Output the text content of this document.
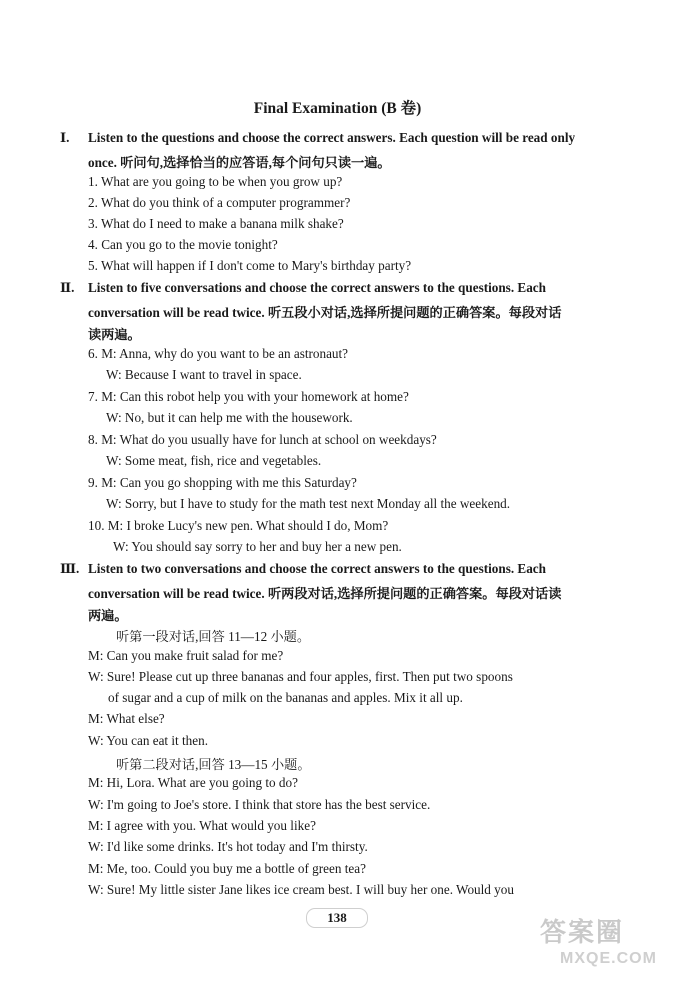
Final Examination (B 卷)
Ⅰ. Listen to the questions and choose the correct answers. Each question will be read only
once. 听问句,选择恰当的应答语,每个问句只读一遍。
1. What are you going to be when you grow up?
2. What do you think of a computer programmer?
3. What do I need to make a banana milk shake?
4. Can you go to the movie tonight?
5. What will happen if I don't come to Mary's birthday party?
Ⅱ. Listen to five conversations and choose the correct answers to the questions. Each
conversation will be read twice. 听五段小对话,选择所提问题的正确答案。每段对话
读两遍。
6. M: Anna, why do you want to be an astronaut?
W: Because I want to travel in space.
7. M: Can this robot help you with your homework at home?
W: No, but it can help me with the housework.
8. M: What do you usually have for lunch at school on weekdays?
W: Some meat, fish, rice and vegetables.
9. M: Can you go shopping with me this Saturday?
W: Sorry, but I have to study for the math test next Monday all the weekend.
10. M: I broke Lucy's new pen. What should I do, Mom?
W: You should say sorry to her and buy her a new pen.
Ⅲ. Listen to two conversations and choose the correct answers to the questions. Each
conversation will be read twice. 听两段对话,选择所提问题的正确答案。每段对话读
两遍。
听第一段对话,回答 11—12 小题。
M: Can you make fruit salad for me?
W: Sure! Please cut up three bananas and four apples, first. Then put two spoons
of sugar and a cup of milk on the bananas and apples. Mix it all up.
M: What else?
W: You can eat it then.
听第二段对话,回答 13—15 小题。
M: Hi, Lora. What are you going to do?
W: I'm going to Joe's store. I think that store has the best service.
M: I agree with you. What would you like?
W: I'd like some drinks. It's hot today and I'm thirsty.
M: Me, too. Could you buy me a bottle of green tea?
W: Sure! My little sister Jane likes ice cream best. I will buy her one. Would you
138
答案圈
MXQE.COM
